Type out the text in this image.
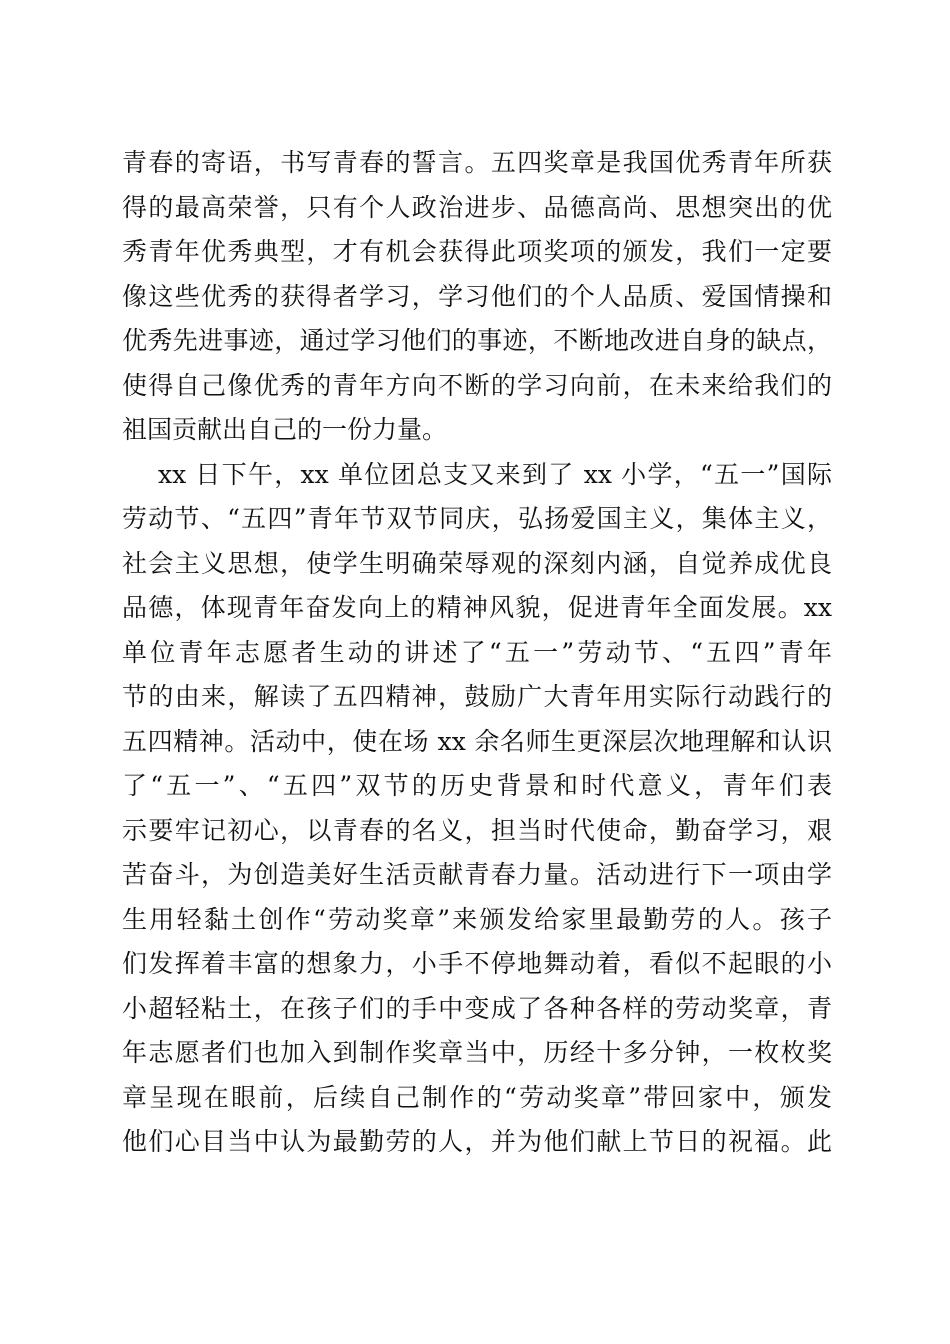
青春的寄语，书写青春的誓言。五四奖章是我国优秀青年所获
得的最高荣誉，只有个人政治进步、品德高尚、思想突出的优
秀青年优秀典型，才有机会获得此项奖项的颁发，我们一定要
像这些优秀的获得者学习，学习他们的个人品质、爱国情操和
优秀先进事迹，通过学习他们的事迹，不断地改进自身的缺点，
使得自己像优秀的青年方向不断的学习向前，在未来给我们的
祖国贡献出自己的一份力量。
xx 日下午，xx 单位团总支又来到了 xx 小学，“五一”国际
劳动节、“五四”青年节双节同庆，弘扬爱国主义，集体主义，
社会主义思想，使学生明确荣辱观的深刻内涵，自觉养成优良
品德，体现青年奋发向上的精神风貌，促进青年全面发展。xx
单位青年志愿者生动的讲述了“五一”劳动节、“五四”青年
节的由来，解读了五四精神，鼓励广大青年用实际行动践行的
五四精神。活动中，使在场 xx 余名师生更深层次地理解和认识
了“五一”、“五四”双节的历史背景和时代意义，青年们表
示要牢记初心，以青春的名义，担当时代使命，勤奋学习，艰
苦奋斗，为创造美好生活贡献青春力量。活动进行下一项由学
生用轻黏土创作“劳动奖章”来颁发给家里最勤劳的人。孩子
们发挥着丰富的想象力，小手不停地舞动着，看似不起眼的小
小超轻粘土，在孩子们的手中变成了各种各样的劳动奖章，青
年志愿者们也加入到制作奖章当中，历经十多分钟，一枚枚奖
章呈现在眼前，后续自己制作的“劳动奖章”带回家中，颁发
他们心目当中认为最勤劳的人，并为他们献上节日的祝福。此
